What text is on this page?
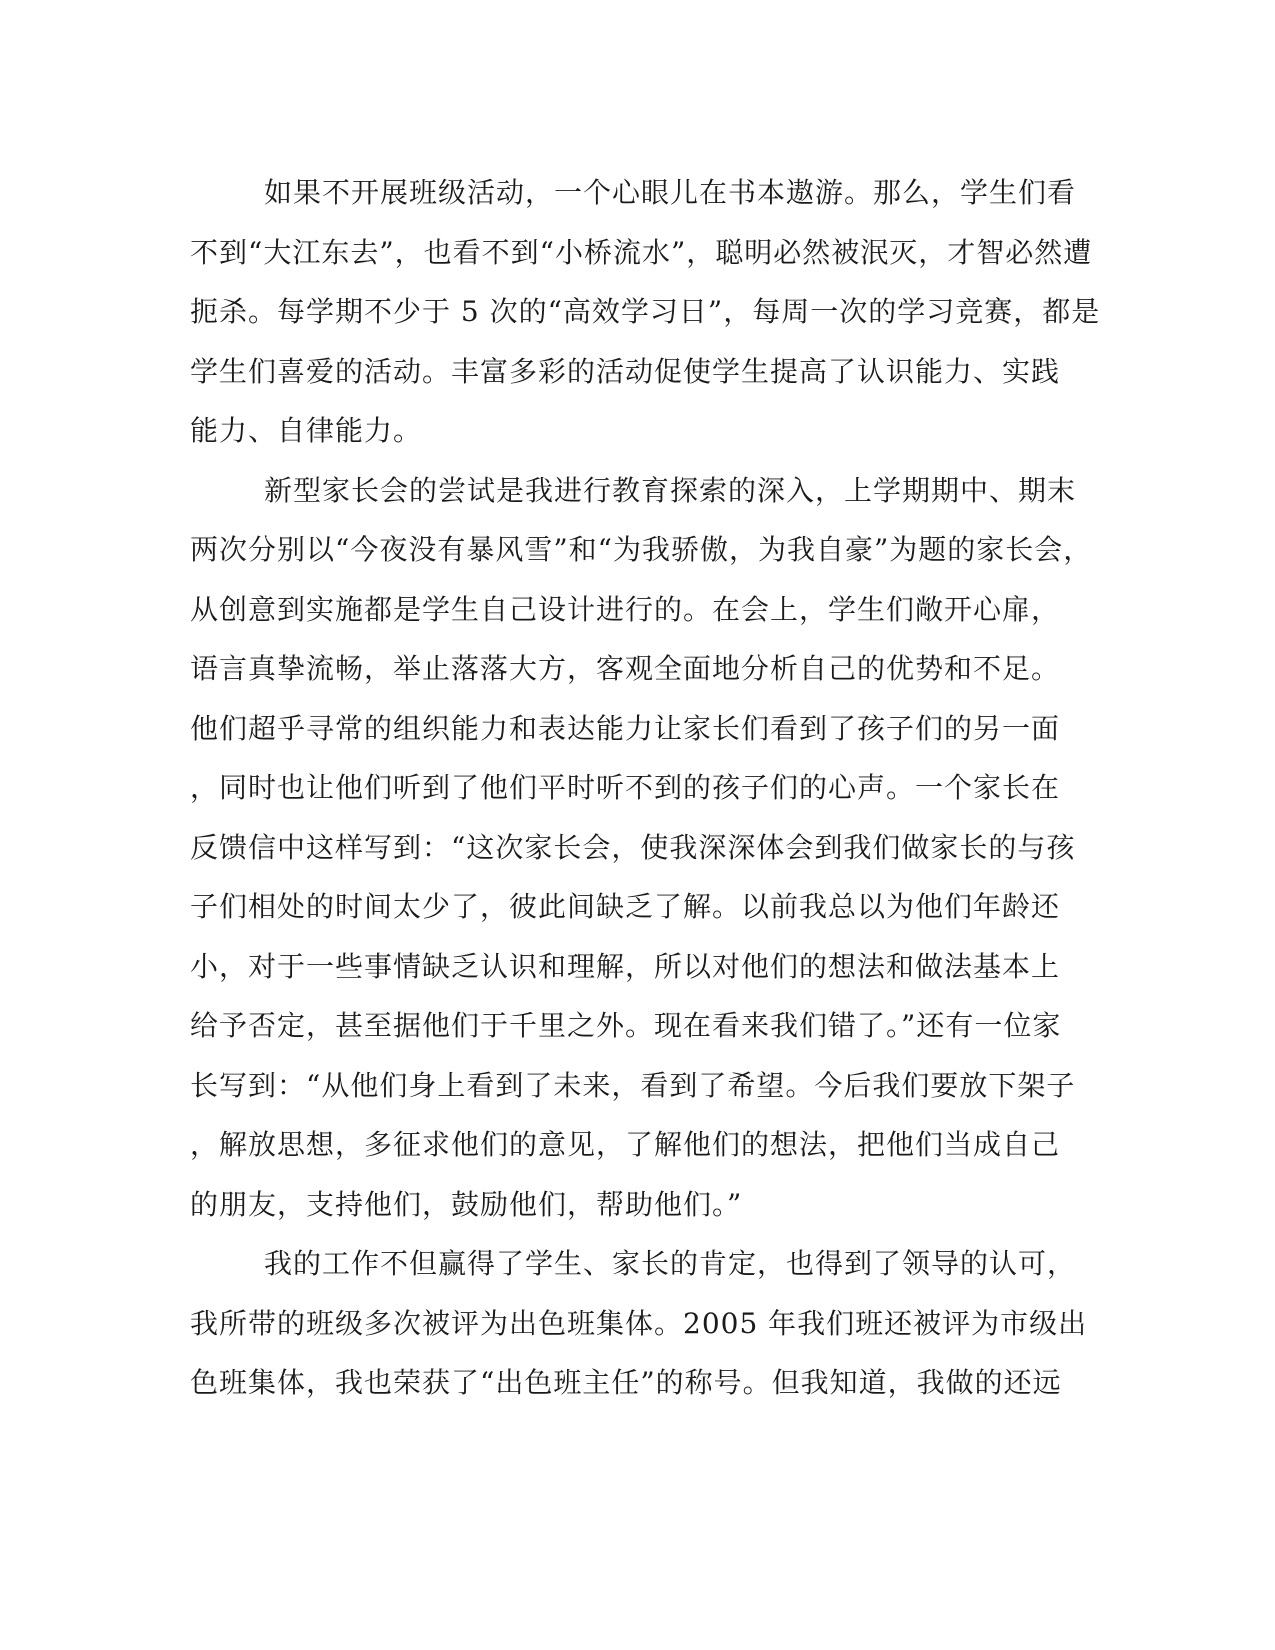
如果不开展班级活动，一个心眼儿在书本遨游。那么，学生们看
不到“大江东去”，也看不到“小桥流水”，聪明必然被泯灭，才智必然遭
扼杀。每学期不少于 5 次的“高效学习日”，每周一次的学习竞赛，都是
学生们喜爱的活动。丰富多彩的活动促使学生提高了认识能力、实践
能力、自律能力。
新型家长会的尝试是我进行教育探索的深入，上学期期中、期末
两次分别以“今夜没有暴风雪”和“为我骄傲，为我自豪”为题的家长会，
从创意到实施都是学生自己设计进行的。在会上，学生们敞开心扉，
语言真挚流畅，举止落落大方，客观全面地分析自己的优势和不足。
他们超乎寻常的组织能力和表达能力让家长们看到了孩子们的另一面
，同时也让他们听到了他们平时听不到的孩子们的心声。一个家长在
反馈信中这样写到：“这次家长会，使我深深体会到我们做家长的与孩
子们相处的时间太少了，彼此间缺乏了解。以前我总以为他们年龄还
小，对于一些事情缺乏认识和理解，所以对他们的想法和做法基本上
给予否定，甚至据他们于千里之外。现在看来我们错了。”还有一位家
长写到：“从他们身上看到了未来，看到了希望。今后我们要放下架子
，解放思想，多征求他们的意见，了解他们的想法，把他们当成自己
的朋友，支持他们，鼓励他们，帮助他们。”
我的工作不但赢得了学生、家长的肯定，也得到了领导的认可，
我所带的班级多次被评为出色班集体。2005 年我们班还被评为市级出
色班集体，我也荣获了“出色班主任”的称号。但我知道，我做的还远
